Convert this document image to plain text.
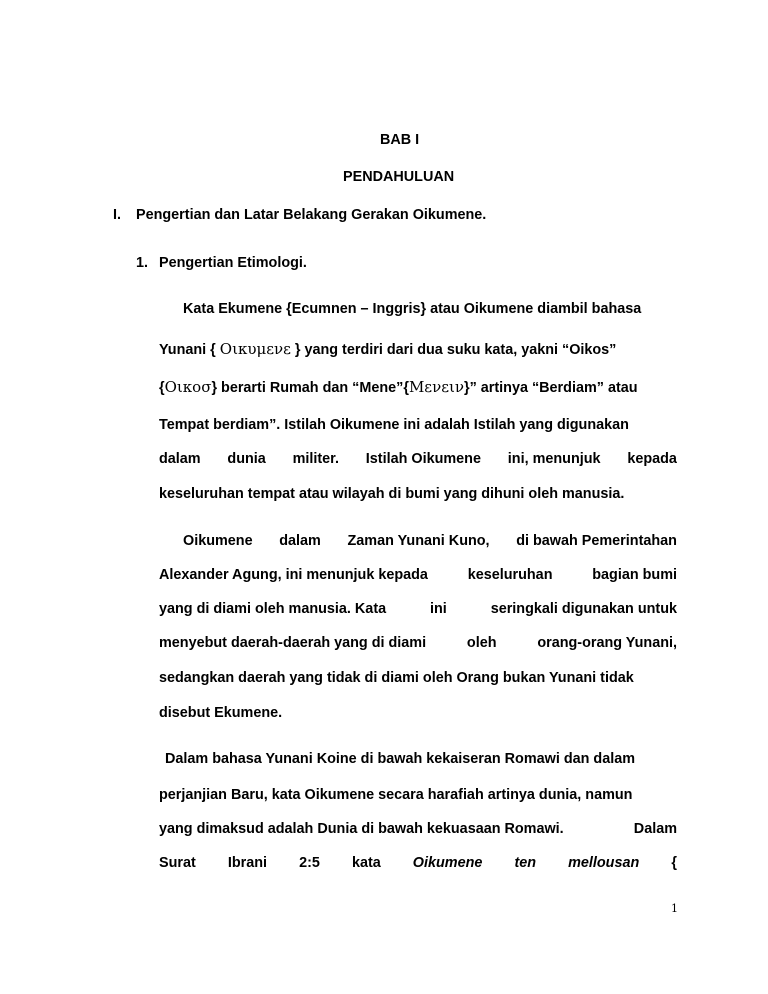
BAB I
PENDAHULUAN
I. Pengertian dan Latar Belakang Gerakan Oikumene.
1. Pengertian Etimologi.
Kata Ekumene {Ecumnen – Inggris} atau Oikumene diambil bahasa
Yunani { Οικυμενε } yang terdiri dari dua suku kata, yakni “Oikos”
{Οικοσ} berarti Rumah dan “Mene”{Μενειν}” artinya “Berdiam” atau
Tempat berdiam”. Istilah Oikumene ini adalah Istilah yang digunakan
dalam dunia militer. Istilah Oikumene ini, menunjuk kepada
keseluruhan tempat atau wilayah di bumi yang dihuni oleh manusia.
Oikumene dalam Zaman Yunani Kuno, di bawah Pemerintahan
Alexander Agung, ini menunjuk kepada	keseluruhan	bagian bumi
yang di diami oleh manusia. Kata	ini	seringkali digunakan untuk
menyebut daerah-daerah yang di diami	oleh	orang-orang Yunani,
sedangkan daerah yang tidak di diami oleh Orang bukan Yunani tidak
disebut Ekumene.
Dalam bahasa Yunani Koine di bawah kekaiseran Romawi dan dalam
perjanjian Baru, kata Oikumene secara harafiah artinya dunia, namun
yang dimaksud adalah Dunia di bawah kekuasaan Romawi.	Dalam
Surat Ibrani 2:5 kata Oikumene ten mellousan {
1
